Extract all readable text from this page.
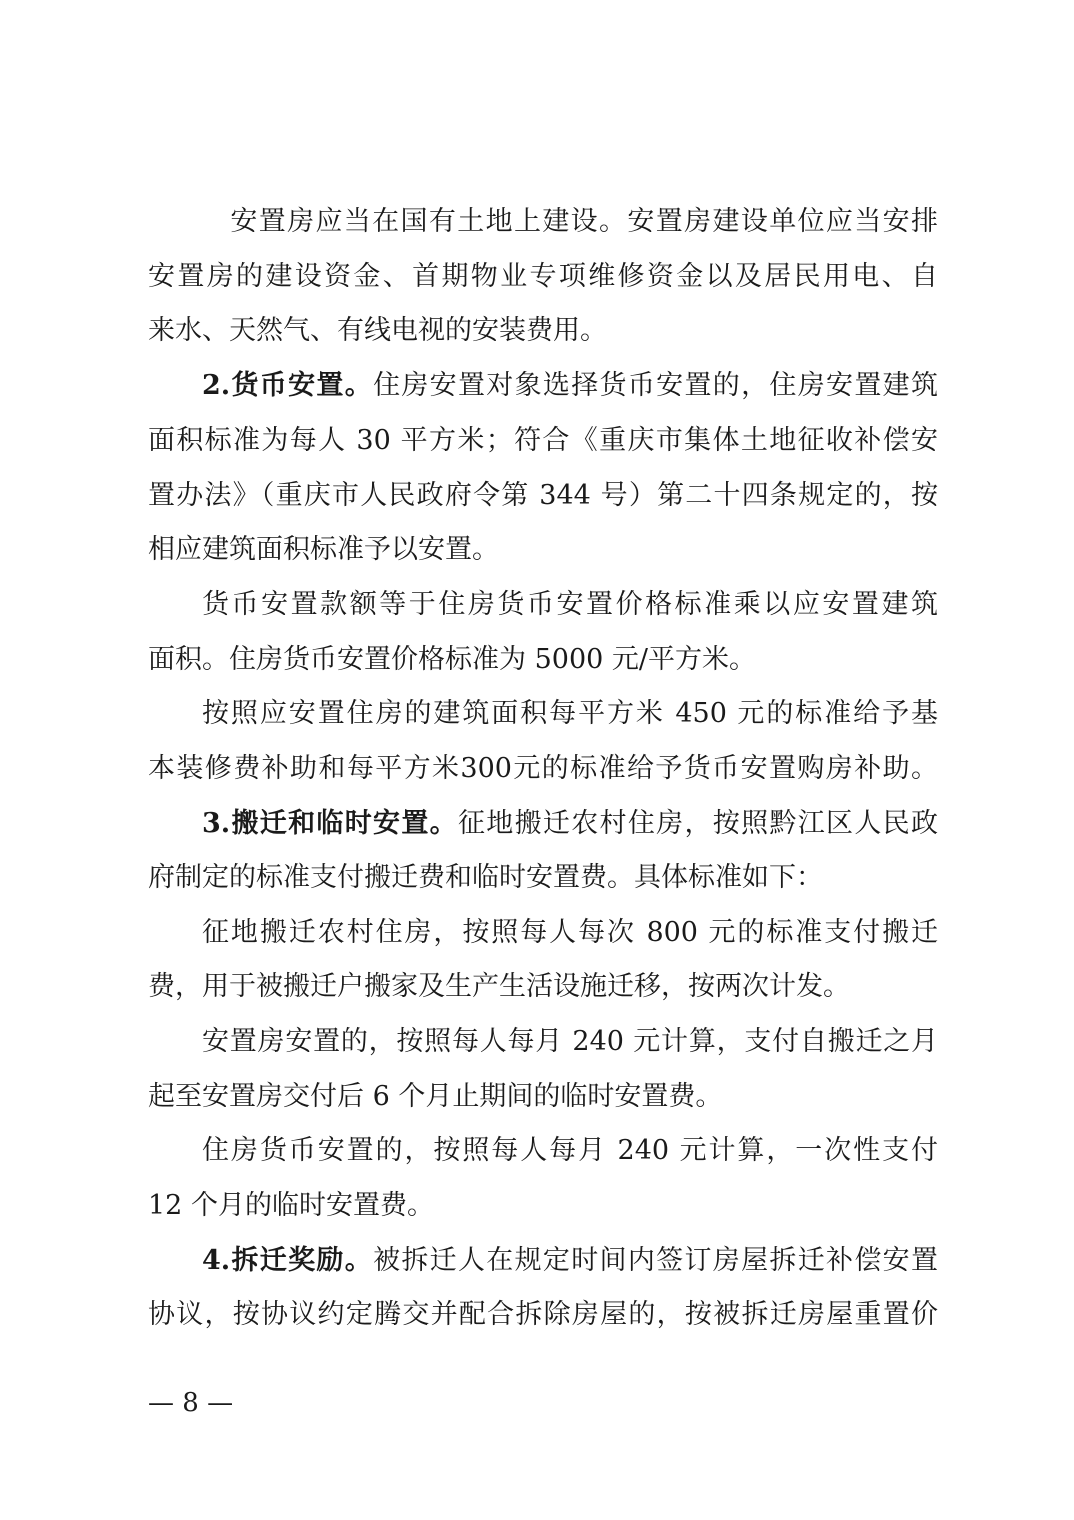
　安置房应当在国有土地上建设。安置房建设单位应当安排
安置房的建设资金、首期物业专项维修资金以及居民用电、自
来水、天然气、有线电视的安装费用。
2.货币安置。住房安置对象选择货币安置的，住房安置建筑
面积标准为每人 30 平方米；符合《重庆市集体土地征收补偿安
置办法》（重庆市人民政府令第 344 号）第二十四条规定的，按
相应建筑面积标准予以安置。
货币安置款额等于住房货币安置价格标准乘以应安置建筑
面积。住房货币安置价格标准为 5000 元/平方米。
按照应安置住房的建筑面积每平方米 450 元的标准给予基
本装修费补助和每平方米300元的标准给予货币安置购房补助。
3.搬迁和临时安置。征地搬迁农村住房，按照黔江区人民政
府制定的标准支付搬迁费和临时安置费。具体标准如下：
征地搬迁农村住房，按照每人每次 800 元的标准支付搬迁
费，用于被搬迁户搬家及生产生活设施迁移，按两次计发。
安置房安置的，按照每人每月 240 元计算，支付自搬迁之月
起至安置房交付后 6 个月止期间的临时安置费。
住房货币安置的，按照每人每月 240 元计算，一次性支付
12 个月的临时安置费。
4.拆迁奖励。被拆迁人在规定时间内签订房屋拆迁补偿安置
协议，按协议约定腾交并配合拆除房屋的，按被拆迁房屋重置价
— 8 —
